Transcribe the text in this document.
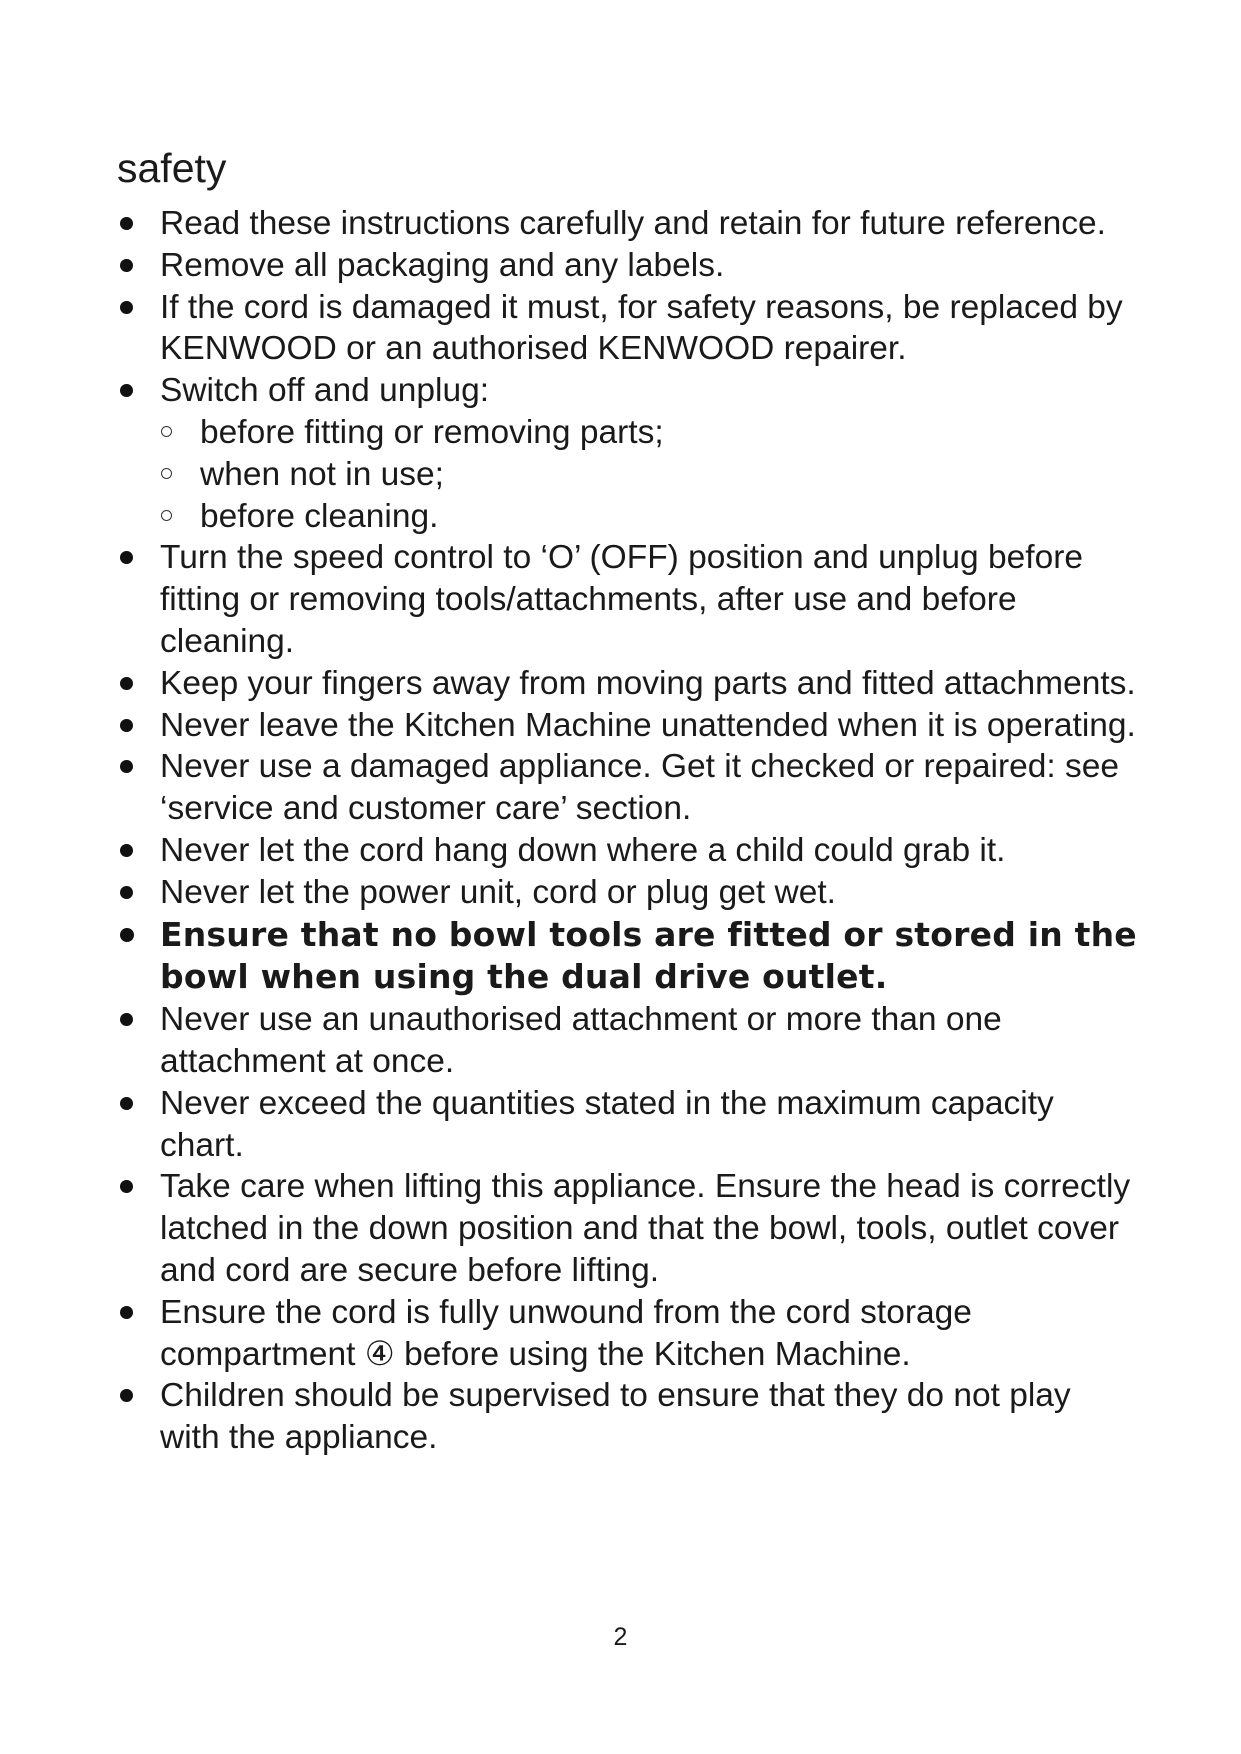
safety
Read these instructions carefully and retain for future reference.
Remove all packaging and any labels.
If the cord is damaged it must, for safety reasons, be replaced by KENWOOD or an authorised KENWOOD repairer.
Switch off and unplug:
before fitting or removing parts;
when not in use;
before cleaning.
Turn the speed control to ‘O’ (OFF) position and unplug before fitting or removing tools/attachments, after use and before cleaning.
Keep your fingers away from moving parts and fitted attachments.
Never leave the Kitchen Machine unattended when it is operating.
Never use a damaged appliance. Get it checked or repaired: see ‘service and customer care’ section.
Never let the cord hang down where a child could grab it.
Never let the power unit, cord or plug get wet.
Ensure that no bowl tools are fitted or stored in the bowl when using the dual drive outlet.
Never use an unauthorised attachment or more than one attachment at once.
Never exceed the quantities stated in the maximum capacity chart.
Take care when lifting this appliance. Ensure the head is correctly latched in the down position and that the bowl, tools, outlet cover and cord are secure before lifting.
Ensure the cord is fully unwound from the cord storage compartment ④ before using the Kitchen Machine.
Children should be supervised to ensure that they do not play with the appliance.
2
